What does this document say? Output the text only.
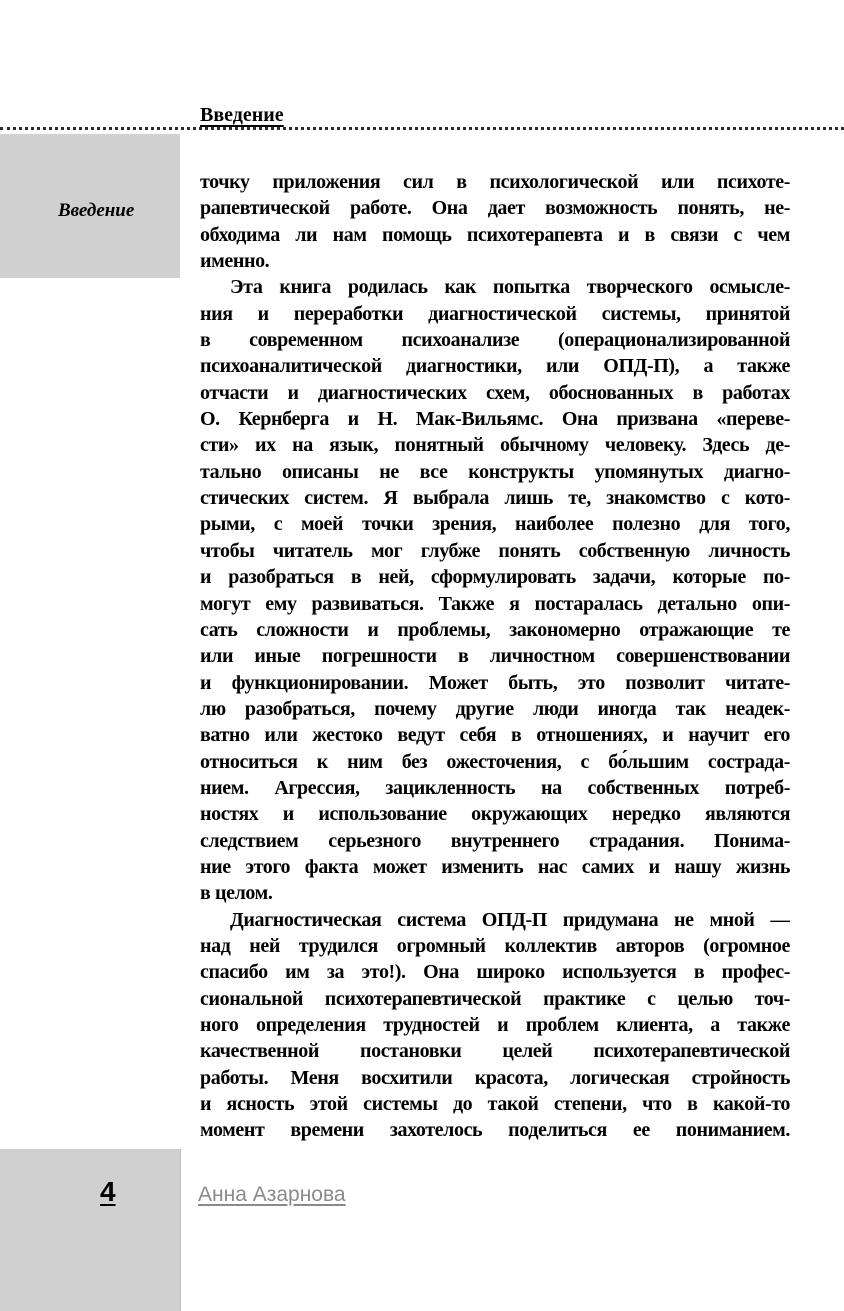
Введение
Введение
точку приложения сил в психологической или психоте-
рапевтической работе. Она дает возможность понять, не-
обходима ли нам помощь психотерапевта и в связи с чем
именно.
Эта книга родилась как попытка творческого осмысле-
ния и переработки диагностической системы, принятой
в современном психоанализе (операционализированной
психоаналитической диагностики, или ОПД-П), а также
отчасти и диагностических схем, обоснованных в работах
О. Кернберга и Н. Мак-Вильямс. Она призвана «переве-
сти» их на язык, понятный обычному человеку. Здесь де-
тально описаны не все конструкты упомянутых диагно-
стических систем. Я выбрала лишь те, знакомство с кото-
рыми, с моей точки зрения, наиболее полезно для того,
чтобы читатель мог глубже понять собственную личность
и разобраться в ней, сформулировать задачи, которые по-
могут ему развиваться. Также я постаралась детально опи-
сать сложности и проблемы, закономерно отражающие те
или иные погрешности в личностном совершенствовании
и функционировании. Может быть, это позволит читате-
лю разобраться, почему другие люди иногда так неадек-
ватно или жестоко ведут себя в отношениях, и научит его
относиться к ним без ожесточения, с бо́льшим сострада-
нием. Агрессия, зацикленность на собственных потреб-
ностях и использование окружающих нередко являются
следствием серьезного внутреннего страдания. Понима-
ние этого факта может изменить нас самих и нашу жизнь
в целом.
Диагностическая система ОПД-П придумана не мной —
над ней трудился огромный коллектив авторов (огромное
спасибо им за это!). Она широко используется в профес-
сиональной психотерапевтической практике с целью точ-
ного определения трудностей и проблем клиента, а также
качественной постановки целей психотерапевтической
работы. Меня восхитили красота, логическая стройность
и ясность этой системы до такой степени, что в какой-то
момент времени захотелось поделиться ее пониманием.
4	Анна Азарнова
